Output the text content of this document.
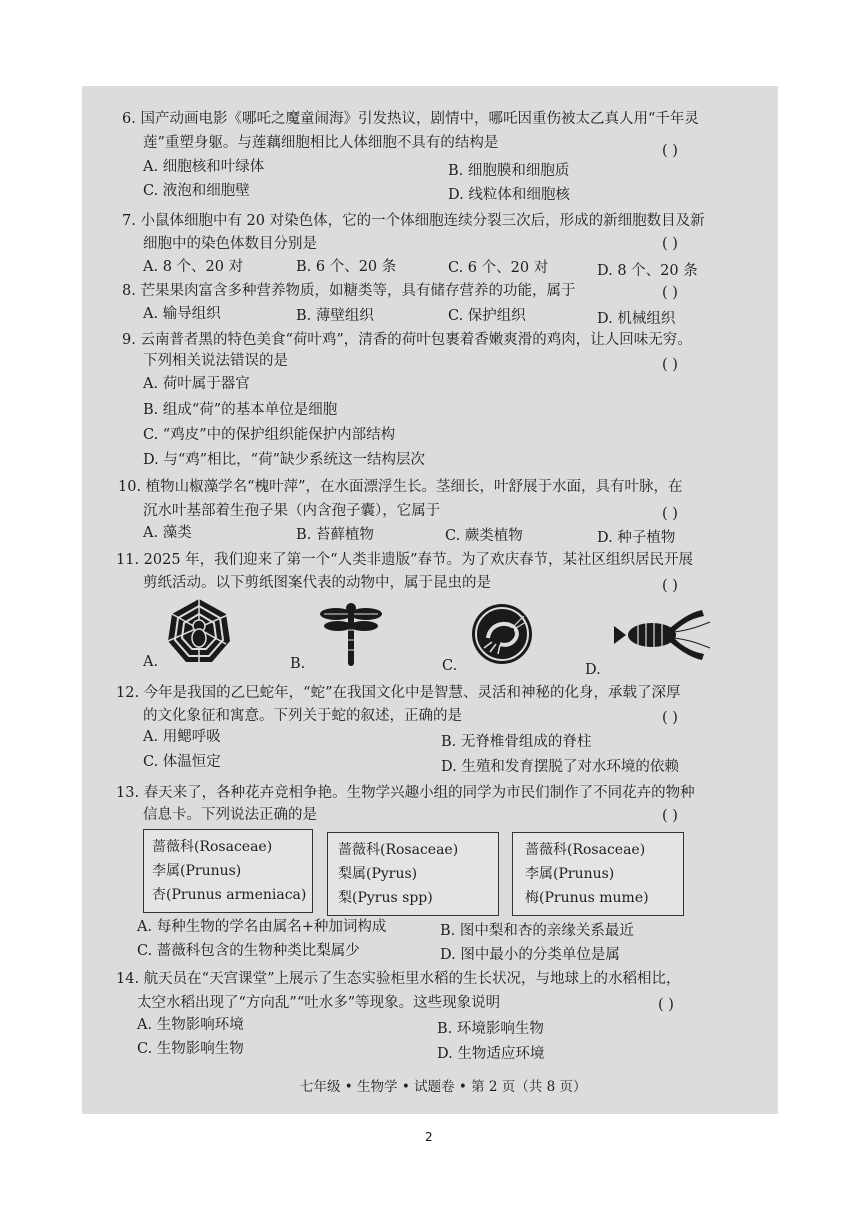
6. 国产动画电影《哪吒之魔童闹海》引发热议，剧情中，哪吒因重伤被太乙真人用“千年灵
莲”重塑身躯。与莲藕细胞相比人体细胞不具有的结构是	( )
A. 细胞核和叶绿体	B. 细胞膜和细胞质
C. 液泡和细胞壁	D. 线粒体和细胞核
7. 小鼠体细胞中有 20 对染色体，它的一个体细胞连续分裂三次后，形成的新细胞数目及新
细胞中的染色体数目分别是	( )
A. 8 个、20 对	B. 6 个、20 条	C. 6 个、20 对	D. 8 个、20 条
8. 芒果果肉富含多种营养物质，如糖类等，具有储存营养的功能，属于	( )
A. 输导组织	B. 薄壁组织	C. 保护组织	D. 机械组织
9. 云南普者黑的特色美食“荷叶鸡”，清香的荷叶包裹着香嫩爽滑的鸡肉，让人回味无穷。
下列相关说法错误的是	( )
A. 荷叶属于器官
B. 组成“荷”的基本单位是细胞
C. “鸡皮”中的保护组织能保护内部结构
D. 与“鸡”相比，“荷”缺少系统这一结构层次
10. 植物山椒藻学名“槐叶萍”，在水面漂浮生长。茎细长，叶舒展于水面，具有叶脉，在
沉水叶基部着生孢子果（内含孢子囊），它属于	( )
A. 藻类	B. 苔藓植物	C. 蕨类植物	D. 种子植物
11. 2025 年，我们迎来了第一个“人类非遗版”春节。为了欢庆春节，某社区组织居民开展
剪纸活动。以下剪纸图案代表的动物中，属于昆虫的是	( )
A.	B.	C.	D.
12. 今年是我国的乙巳蛇年，“蛇”在我国文化中是智慧、灵活和神秘的化身，承载了深厚
的文化象征和寓意。下列关于蛇的叙述，正确的是	( )
A. 用鳃呼吸	B. 无脊椎骨组成的脊柱
C. 体温恒定	D. 生殖和发育摆脱了对水环境的依赖
13. 春天来了，各种花卉竞相争艳。生物学兴趣小组的同学为市民们制作了不同花卉的物种
信息卡。下列说法正确的是	( )
蔷薇科(Rosaceae)
李属(Prunus)
杏(Prunus armeniaca)
蔷薇科(Rosaceae)
梨属(Pyrus)
梨(Pyrus spp)
蔷薇科(Rosaceae)
李属(Prunus)
梅(Prunus mume)
A. 每种生物的学名由属名+种加词构成	B. 图中梨和杏的亲缘关系最近
C. 蔷薇科包含的生物种类比梨属少	D. 图中最小的分类单位是属
14. 航天员在“天宫课堂”上展示了生态实验柜里水稻的生长状况，与地球上的水稻相比，
太空水稻出现了“方向乱”“吐水多”等现象。这些现象说明	( )
A. 生物影响环境	B. 环境影响生物
C. 生物影响生物	D. 生物适应环境
七年级 • 生物学 • 试题卷 • 第 2 页（共 8 页）
2
